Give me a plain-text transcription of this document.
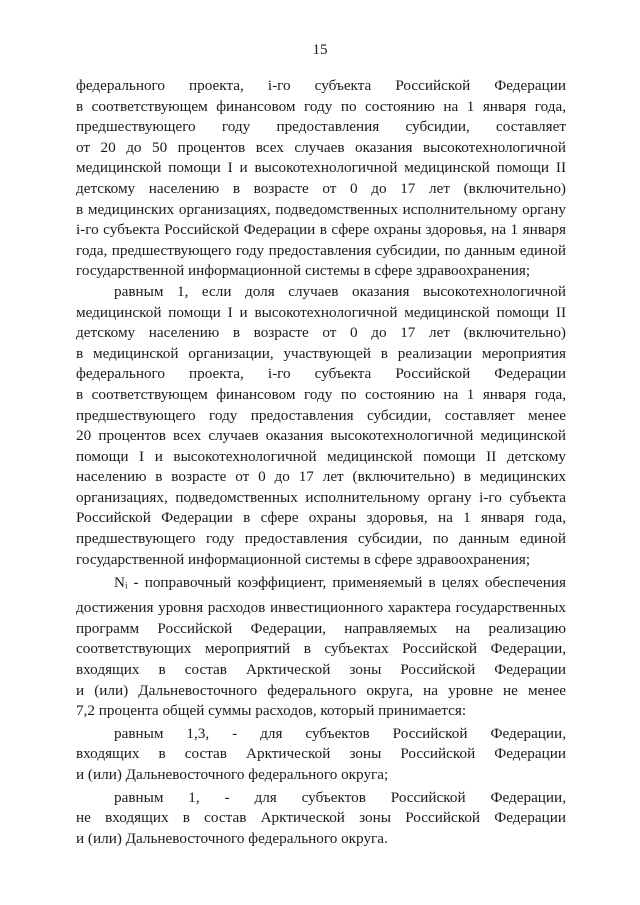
15
федерального проекта, i-го субъекта Российской Федерации
в соответствующем финансовом году по состоянию на 1 января года,
предшествующего году предоставления субсидии, составляет
от 20 до 50 процентов всех случаев оказания высокотехнологичной
медицинской помощи I и высокотехнологичной медицинской помощи II
детскому населению в возрасте от 0 до 17 лет (включительно)
в медицинских организациях, подведомственных исполнительному органу
i-го субъекта Российской Федерации в сфере охраны здоровья, на 1 января
года, предшествующего году предоставления субсидии, по данным единой
государственной информационной системы в сфере здравоохранения;
равным 1, если доля случаев оказания высокотехнологичной
медицинской помощи I и высокотехнологичной медицинской помощи II
детскому населению в возрасте от 0 до 17 лет (включительно)
в медицинской организации, участвующей в реализации мероприятия
федерального проекта, i-го субъекта Российской Федерации
в соответствующем финансовом году по состоянию на 1 января года,
предшествующего году предоставления субсидии, составляет менее
20 процентов всех случаев оказания высокотехнологичной медицинской
помощи I и высокотехнологичной медицинской помощи II детскому
населению в возрасте от 0 до 17 лет (включительно) в медицинских
организациях, подведомственных исполнительному органу i-го субъекта
Российской Федерации в сфере охраны здоровья, на 1 января года,
предшествующего году предоставления субсидии, по данным единой
государственной информационной системы в сфере здравоохранения;
Nᵢ - поправочный коэффициент, применяемый в целях обеспечения
достижения уровня расходов инвестиционного характера государственных
программ Российской Федерации, направляемых на реализацию
соответствующих мероприятий в субъектах Российской Федерации,
входящих в состав Арктической зоны Российской Федерации
и (или) Дальневосточного федерального округа, на уровне не менее
7,2 процента общей суммы расходов, который принимается:
равным 1,3, - для субъектов Российской Федерации,
входящих в состав Арктической зоны Российской Федерации
и (или) Дальневосточного федерального округа;
равным 1, - для субъектов Российской Федерации,
не входящих в состав Арктической зоны Российской Федерации
и (или) Дальневосточного федерального округа.
